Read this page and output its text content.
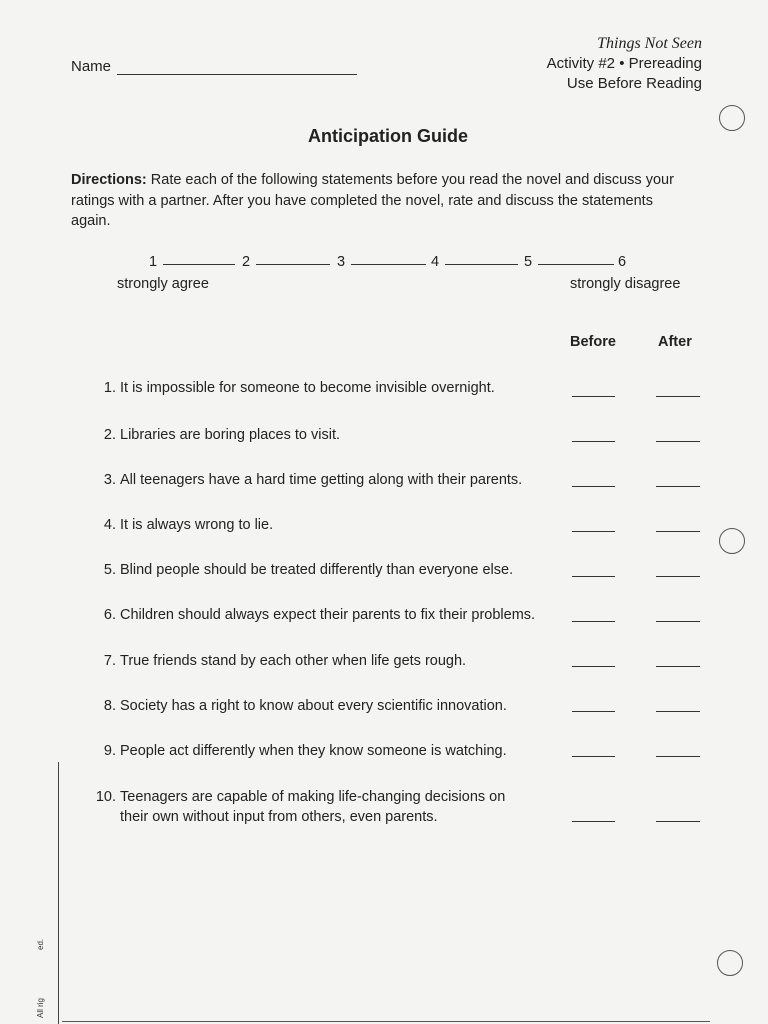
Name
Things Not Seen
Activity #2 • Prereading
Use Before Reading
Anticipation Guide
Directions: Rate each of the following statements before you read the novel and discuss your ratings with a partner. After you have completed the novel, rate and discuss the statements again.
1	2	3	4	5	6
strongly agree	strongly disagree
Before	After
1. It is impossible for someone to become invisible overnight.
2. Libraries are boring places to visit.
3. All teenagers have a hard time getting along with their parents.
4. It is always wrong to lie.
5. Blind people should be treated differently than everyone else.
6. Children should always expect their parents to fix their problems.
7. True friends stand by each other when life gets rough.
8. Society has a right to know about every scientific innovation.
9. People act differently when they know someone is watching.
10. Teenagers are capable of making life-changing decisions on their own without input from others, even parents.
All rig
ed.
